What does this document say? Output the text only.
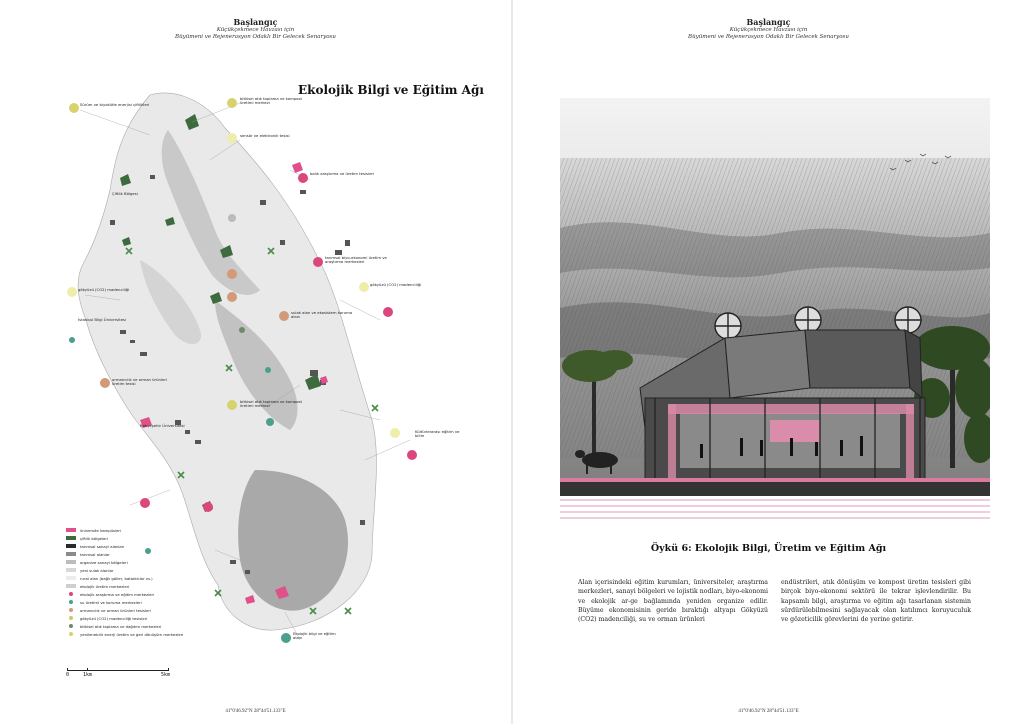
Başlangıç
Küçükçekmece Havzası için
Büyümeni ve Rejenerasyon Odaklı Bir Gelecek Senaryosu
Ekolojik Bilgi ve Eğitim Ağı
Sürüm ve biyokütle enerjisi çiftlikleri
bitkisel atık toplama ve kompost üretimi merkezi
sensör ve elektronik tesisi
Çiftlik Bölgesi
balık araştırma ve üretim tesisleri
tarımsal biyo-ekonomi üretim ve araştırma merkezleri
gökyüzü (CO2) madenciliği
gökyüzü (CO2) madenciliği
İstanbul Bilgi Üniversitesi
ormancılık ve orman ürünleri üretim tesisi
sulak alan ve ekosistem koruma alanı
bitkisel atık toplama ve kompost üretimi merkezi
Bahçeşehir Üniversitesi
Kültürlerarası eğitim ve bilim
Ekolojik bilgi ve eğitim alanı
üniversite kampüsleri
çiftlik bölgeleri
tarımsal sanayi alanları
tarımsal alanlar
organize sanayi bölgeleri
yeni sulak alanlar
rural alan (bağlı göller, bataklıklar vs.)
ekolojik üretim merkezleri
ekolojik araştırma ve eğitim merkezleri
su üretimi ve koruma merkezleri
ormancılık ve orman ürünleri tesisleri
gökyüzü (CO2) madenciliği tesisleri
bitkisel atık toplama ve dağıtım merkezleri
yenilenebilir enerji üretim ve geri dönüşüm merkezleri
0	1km	5km
41°0'46.92"N 28°44'51.133"E
Başlangıç
Küçükçekmece Havzası için
Büyümeni ve Rejenerasyon Odaklı Bir Gelecek Senaryosu
Öykü 6: Ekolojik Bilgi, Üretim ve Eğitim Ağı
Alan içerisindeki eğitim kurumları, üniversiteler, araştırma merkezleri, sanayi bölgeleri ve lojistik nodları, biyo-ekonomi ve ekolojik ar-ge bağlamında yeniden organize edilir. Büyüme ekonomisinin geride bıraktığı altyapı Gökyüzü (CO2) madenciliği, su ve orman ürünleri
endüstrileri, atık dönüşüm ve kompost üretim tesisleri gibi birçok biyo-ekonomi sektörü ile tekrar işlevlendirilir. Bu kapsamlı bilgi, araştırma ve eğitim ağı tasarlanan sistemin sürdürülebilmesini sağlayacak olan katılımcı koruyuculuk ve gözeticilik görevlerini de yerine getirir.
41°0'46.92"N 28°44'51.133"E
